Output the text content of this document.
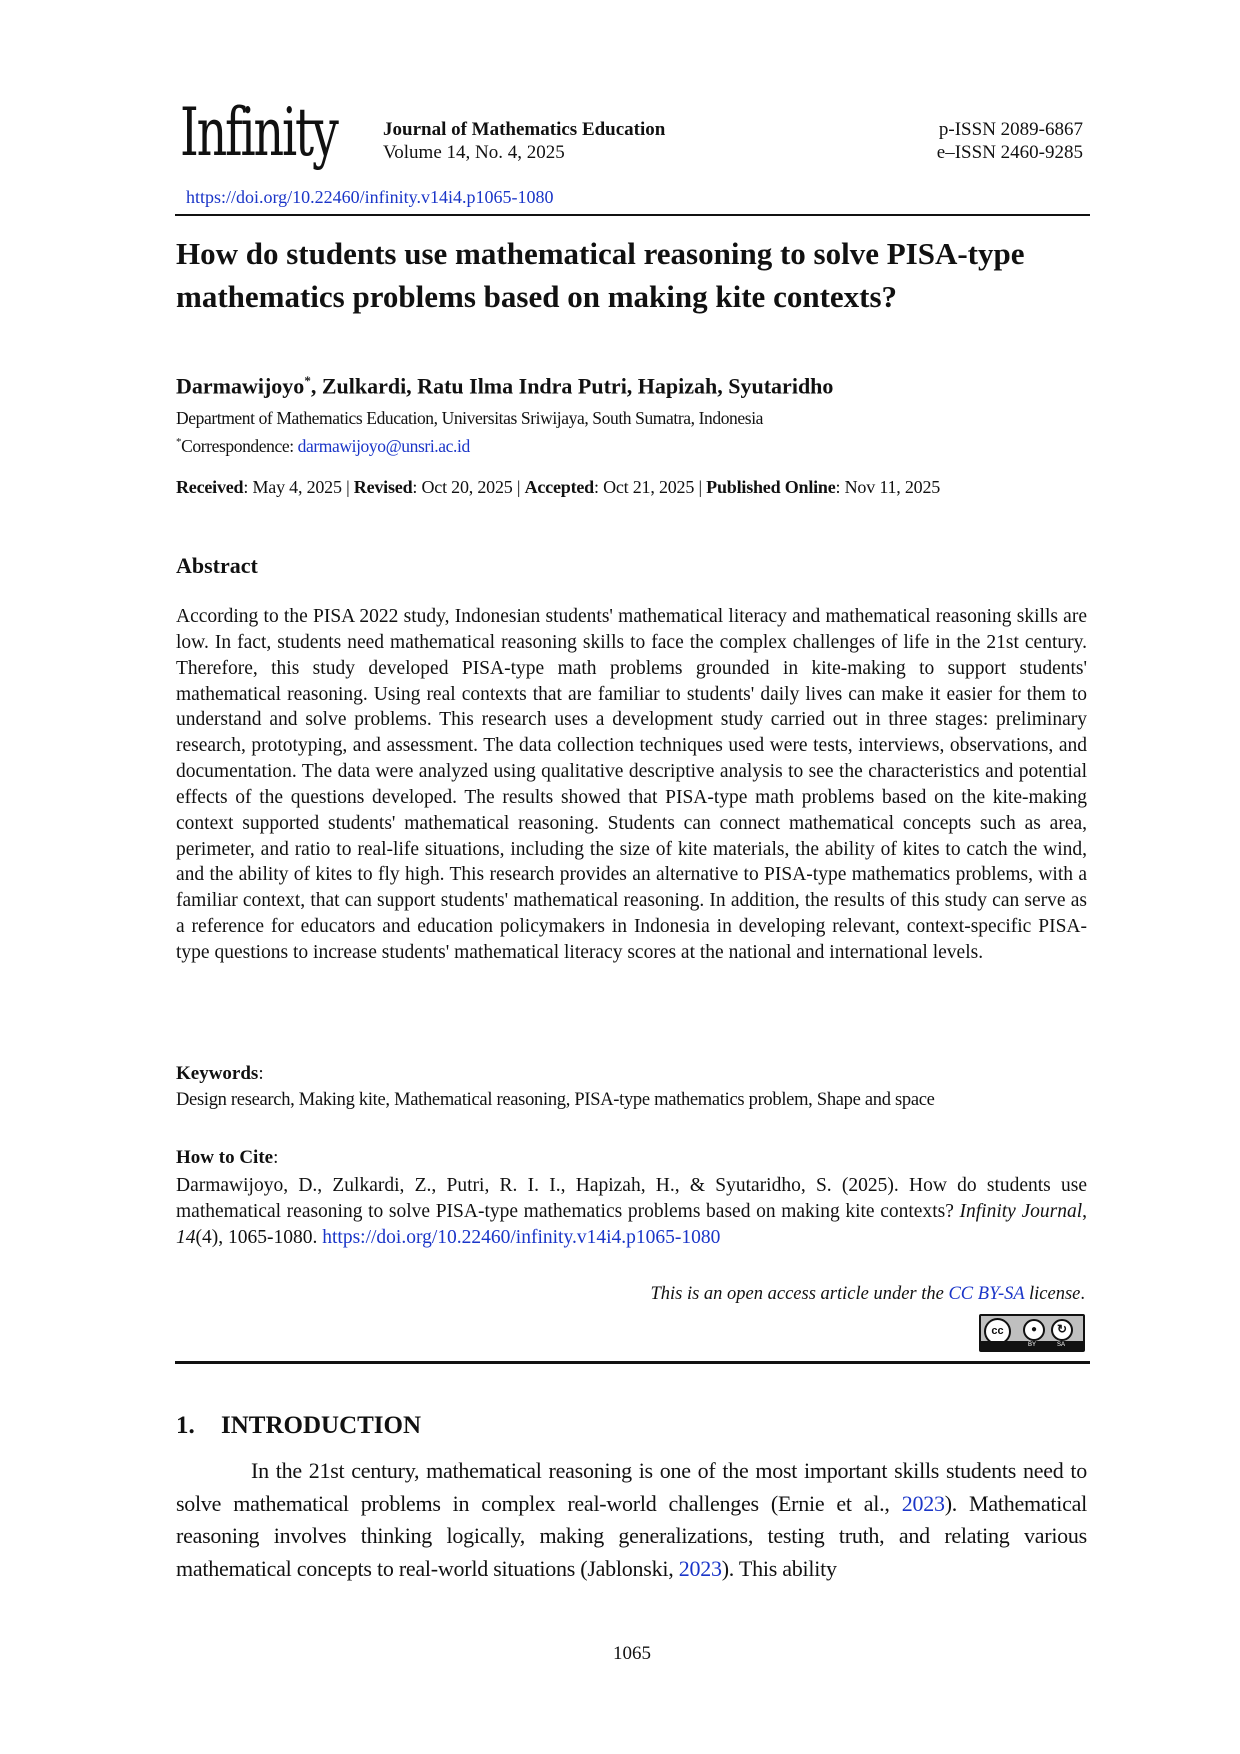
Infinity Journal of Mathematics Education
Volume 14, No. 4, 2025
p-ISSN 2089-6867
e–ISSN 2460-9285
https://doi.org/10.22460/infinity.v14i4.p1065-1080
How do students use mathematical reasoning to solve PISA-type mathematics problems based on making kite contexts?
Darmawijoyo*, Zulkardi, Ratu Ilma Indra Putri, Hapizah, Syutaridho
Department of Mathematics Education, Universitas Sriwijaya, South Sumatra, Indonesia
*Correspondence: darmawijoyo@unsri.ac.id
Received: May 4, 2025 | Revised: Oct 20, 2025 | Accepted: Oct 21, 2025 | Published Online: Nov 11, 2025
Abstract

According to the PISA 2022 study, Indonesian students' mathematical literacy and mathematical reasoning skills are low. In fact, students need mathematical reasoning skills to face the complex challenges of life in the 21st century. Therefore, this study developed PISA-type math problems grounded in kite-making to support students' mathematical reasoning. Using real contexts that are familiar to students' daily lives can make it easier for them to understand and solve problems. This research uses a development study carried out in three stages: preliminary research, prototyping, and assessment. The data collection techniques used were tests, interviews, observations, and documentation. The data were analyzed using qualitative descriptive analysis to see the characteristics and potential effects of the questions developed. The results showed that PISA-type math problems based on the kite-making context supported students' mathematical reasoning. Students can connect mathematical concepts such as area, perimeter, and ratio to real-life situations, including the size of kite materials, the ability of kites to catch the wind, and the ability of kites to fly high. This research provides an alternative to PISA-type mathematics problems, with a familiar context, that can support students' mathematical reasoning. In addition, the results of this study can serve as a reference for educators and education policymakers in Indonesia in developing relevant, context-specific PISA-type questions to increase students' mathematical literacy scores at the national and international levels.

Keywords:
Design research, Making kite, Mathematical reasoning, PISA-type mathematics problem, Shape and space
How to Cite:

Darmawijoyo, D., Zulkardi, Z., Putri, R. I. I., Hapizah, H., & Syutaridho, S. (2025). How do students use mathematical reasoning to solve PISA-type mathematics problems based on making kite contexts? Infinity Journal, 14(4), 1065-1080. https://doi.org/10.22460/infinity.v14i4.p1065-1080

This is an open access article under the CC BY-SA license.
cc	●	↻
BY	SA
1. INTRODUCTION

In the 21st century, mathematical reasoning is one of the most important skills students need to solve mathematical problems in complex real-world challenges (Ernie et al., 2023). Mathematical reasoning involves thinking logically, making generalizations, testing truth, and relating various mathematical concepts to real-world situations (Jablonski, 2023). This ability

1065
